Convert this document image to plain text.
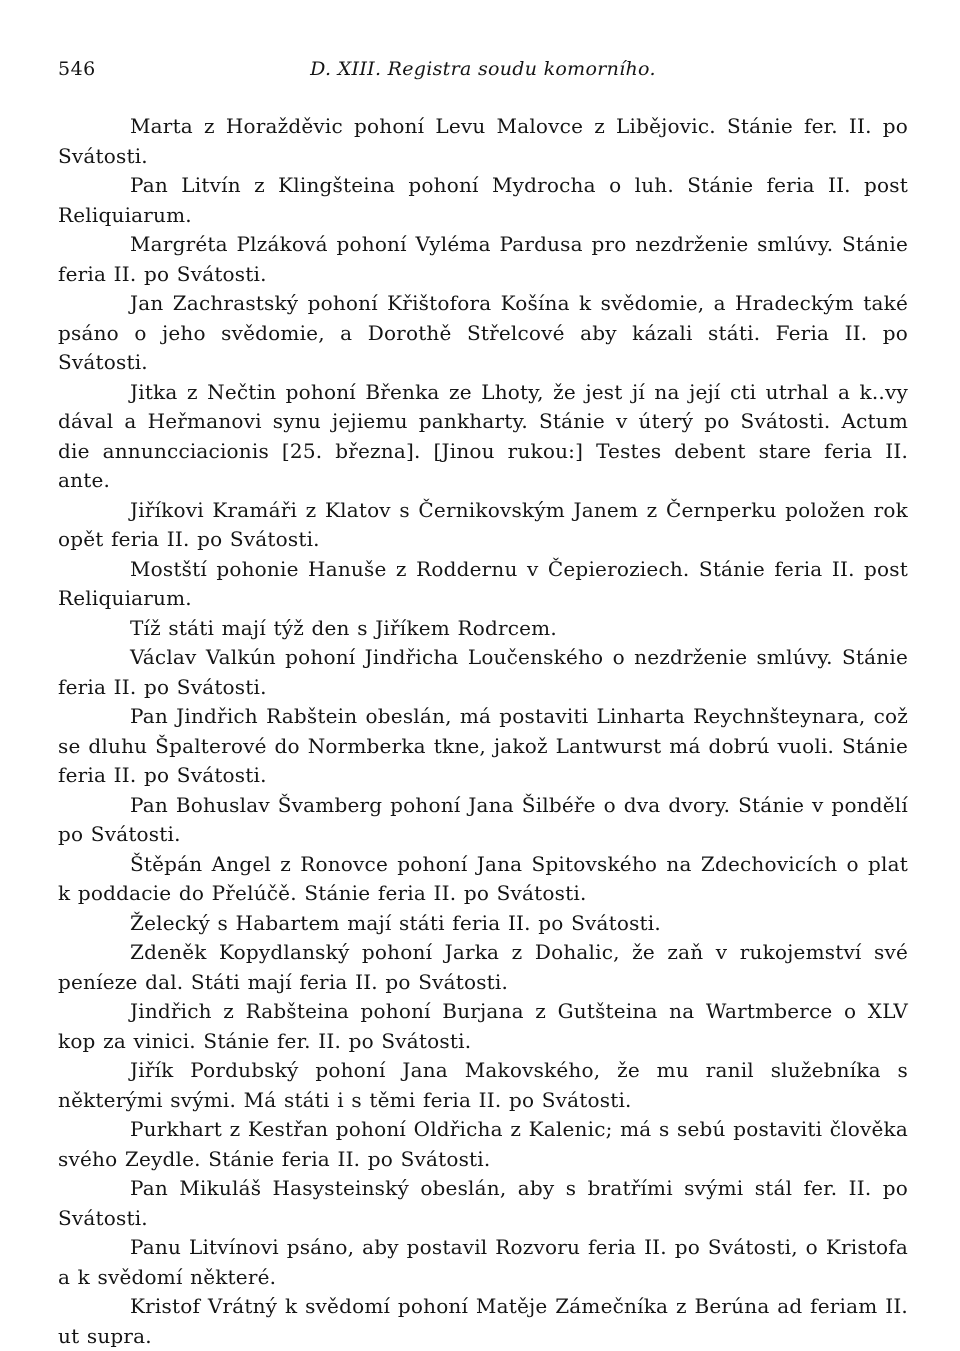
546	D. XIII. Registra soudu komorního.

Marta z Horažděvic pohoní Levu Malovce z Libějovic. Stánie fer. II. po Svátosti.

Pan Litvín z Klingšteina pohoní Mydrocha o luh. Stánie feria II. post Reliquiarum.

Margréta Plzáková pohoní Vyléma Pardusa pro nezdrženie smlúvy. Stánie feria II. po Svátosti.

Jan Zachrastský pohoní Křištofora Košína k svědomie, a Hradeckým také psáno o jeho svědomie, a Dorothě Střelcové aby kázali státi. Feria II. po Svátosti.

Jitka z Nečtin pohoní Břenka ze Lhoty, že jest jí na její cti utrhal a k..vy dával a Heřmanovi synu jejiemu pankharty. Stánie v úterý po Svátosti. Actum die annuncciacionis [25. března]. [Jinou rukou:] Testes debent stare feria II. ante.

Jiříkovi Kramáři z Klatov s Černikovským Janem z Černperku položen rok opět feria II. po Svátosti.

Mostští pohonie Hanuše z Roddernu v Čepieroziech. Stánie feria II. post Reliquiarum.

Tíž státi mají týž den s Jiříkem Rodrcem.

Václav Valkún pohoní Jindřicha Loučenského o nezdrženie smlúvy. Stánie feria II. po Svátosti.

Pan Jindřich Rabštein obeslán, má postaviti Linharta Reychnšteynara, což se dluhu Špalterové do Normberka tkne, jakož Lantwurst má dobrú vuoli. Stánie feria II. po Svátosti.

Pan Bohuslav Švamberg pohoní Jana Šilbéře o dva dvory. Stánie v pondělí po Svátosti.

Štěpán Angel z Ronovce pohoní Jana Spitovského na Zdechovicích o plat k poddacie do Přelúčě. Stánie feria II. po Svátosti.

Želecký s Habartem mají státi feria II. po Svátosti.

Zdeněk Kopydlanský pohoní Jarka z Dohalic, že zaň v rukojemství své peníeze dal. Státi mají feria II. po Svátosti.

Jindřich z Rabšteina pohoní Burjana z Gutšteina na Wartmberce o XLV kop za vinici. Stánie fer. II. po Svátosti.

Jiřík Pordubský pohoní Jana Makovského, že mu ranil služebníka s některými svými. Má státi i s těmi feria II. po Svátosti.

Purkhart z Kestřan pohoní Oldřicha z Kalenic; má s sebú postaviti člověka svého Zeydle. Stánie feria II. po Svátosti.

Pan Mikuláš Hasysteinský obeslán, aby s bratřími svými stál fer. II. po Svátosti.

Panu Litvínovi psáno, aby postavil Rozvoru feria II. po Svátosti, o Kristofa a k svědomí některé.

Kristof Vrátný k svědomí pohoní Matěje Zámečníka z Berúna ad feriam II. ut supra.
